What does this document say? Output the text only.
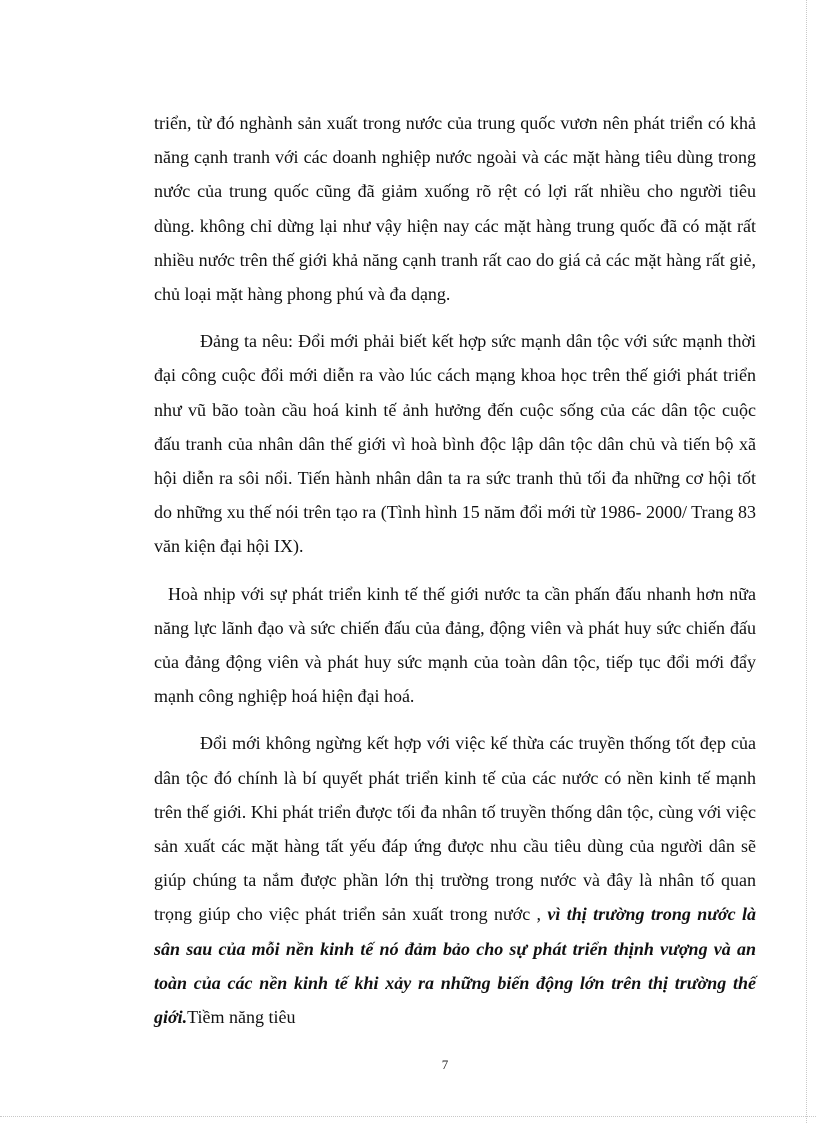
triển, từ đó nghành sản xuất trong nước của trung quốc vươn nên phát triển có khả năng cạnh tranh với các doanh nghiệp nước ngoài và các mặt hàng tiêu dùng trong nước của trung quốc cũng đã giảm xuống rõ rệt có lợi rất nhiều cho người tiêu dùng. không chỉ dừng lại như vậy hiện nay các mặt hàng trung quốc đã có mặt rất nhiều nước trên thế giới khả năng cạnh tranh rất cao do giá cả các mặt hàng rất giẻ, chủ loại mặt hàng phong phú và đa dạng.

Đảng ta nêu: Đổi mới phải biết kết hợp sức mạnh dân tộc với sức mạnh thời đại công cuộc đổi mới diễn ra vào lúc cách mạng khoa học trên thế giới phát triển như vũ bão toàn cầu hoá kinh tế ảnh hưởng đến cuộc sống của các dân tộc cuộc đấu tranh của nhân dân thế giới vì hoà bình độc lập dân tộc dân chủ và tiến bộ xã hội diễn ra sôi nổi. Tiến hành nhân dân ta ra sức tranh thủ tối đa những cơ hội tốt do những xu thế nói trên tạo ra (Tình hình 15 năm đổi mới từ 1986- 2000/ Trang 83 văn kiện đại hội IX).

Hoà nhịp với sự phát triển kinh tế thế giới nước ta cần phấn đấu nhanh hơn nữa năng lực lãnh đạo và sức chiến đấu của đảng, động viên và phát huy sức chiến đấu của đảng động viên và phát huy sức mạnh của toàn dân tộc, tiếp tục đổi mới đẩy mạnh công nghiệp hoá hiện đại hoá.

Đổi mới không ngừng kết hợp với việc kế thừa các truyền thống tốt đẹp của dân tộc đó chính là bí quyết phát triển kinh tế của các nước có nền kinh tế mạnh trên thế giới. Khi phát triển được tối đa nhân tố truyền thống dân tộc, cùng với việc sản xuất các mặt hàng tất yếu đáp ứng được nhu cầu tiêu dùng của người dân sẽ giúp chúng ta nắm được phần lớn thị trường trong nước và đây là nhân tố quan trọng giúp cho việc phát triển sản xuất trong nước , vì thị trường trong nước là sân sau của mỗi nền kinh tế nó đảm bảo cho sự phát triển thịnh vượng và an toàn của các nền kinh tế khi xảy ra những biến động lớn trên thị trường thế giới.Tiềm năng tiêu

7
